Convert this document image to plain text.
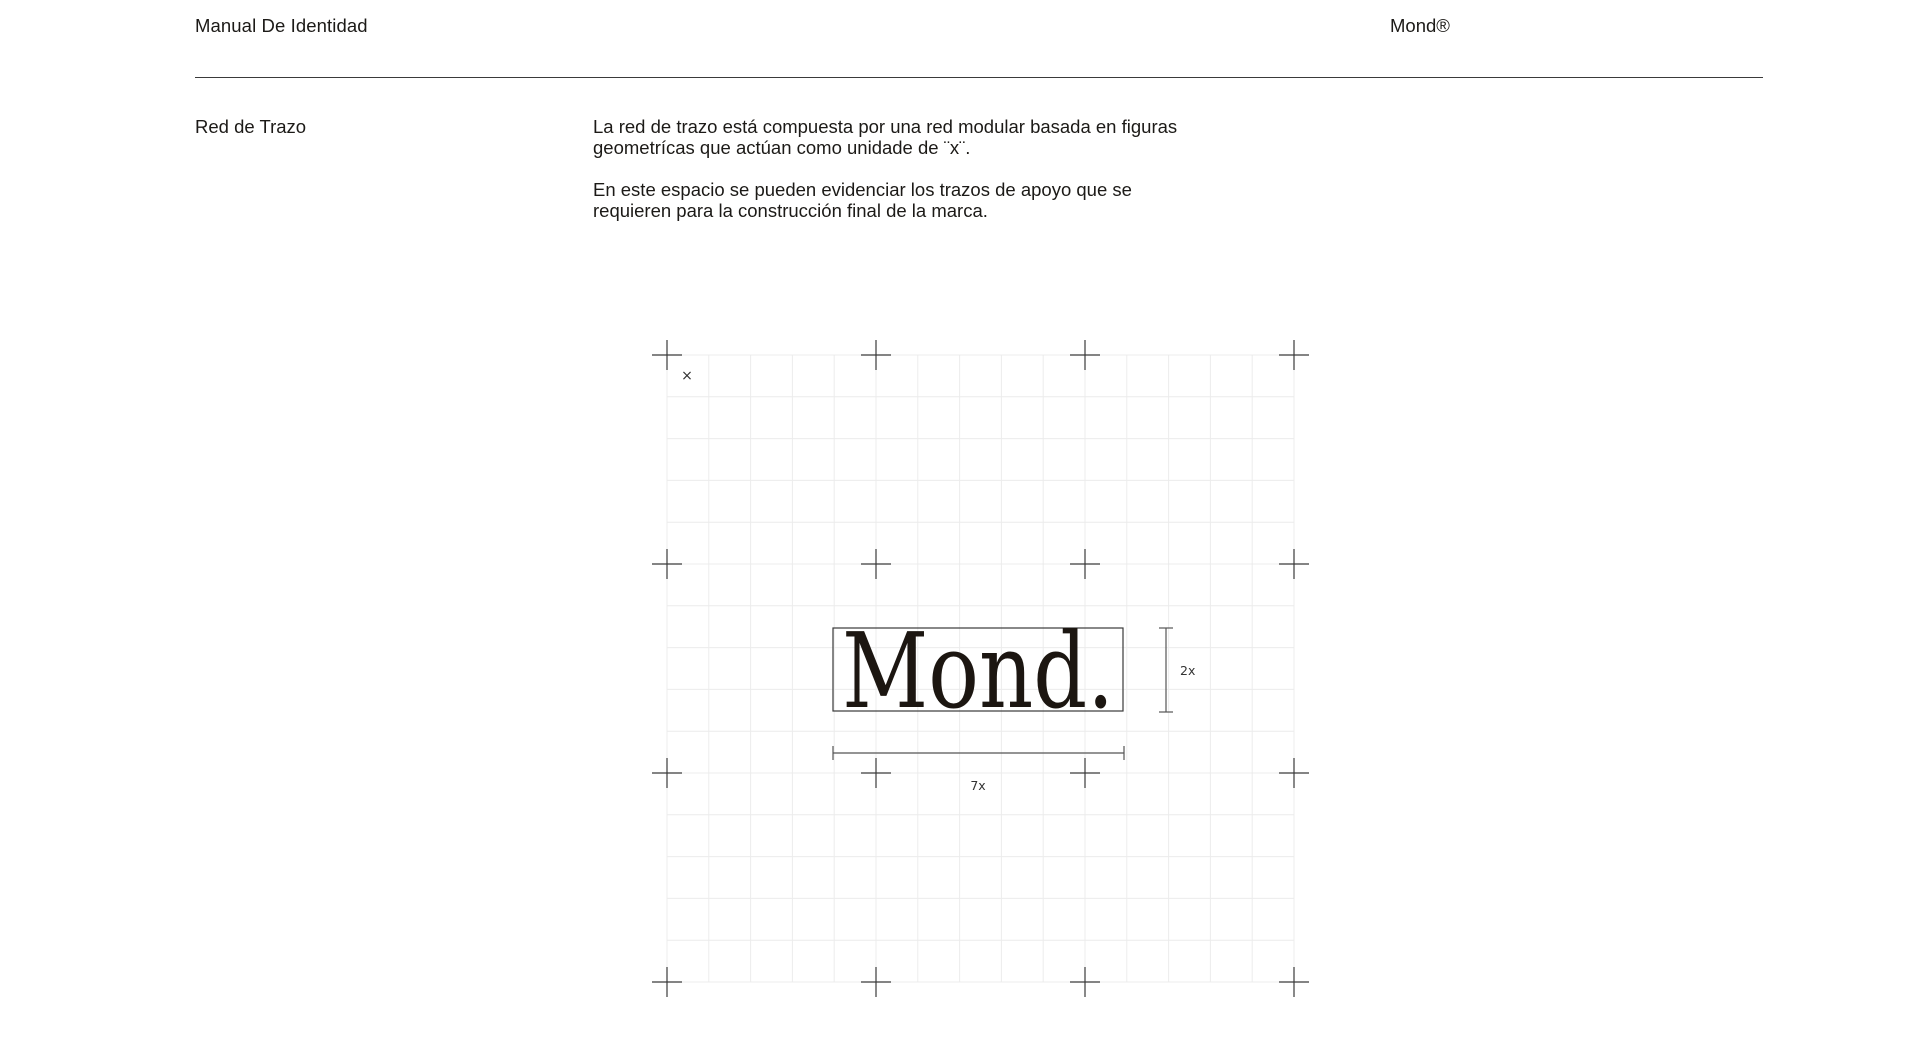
Manual De Identidad	Mond®
Red de Trazo	La red de trazo está compuesta por una red modular basada en figuras geometrícas que actúan como unidade de ¨x¨.

En este espacio se pueden evidenciar los trazos de apoyo que se requieren para la construcción final de la marca.

×
Mond.	2x
7x
